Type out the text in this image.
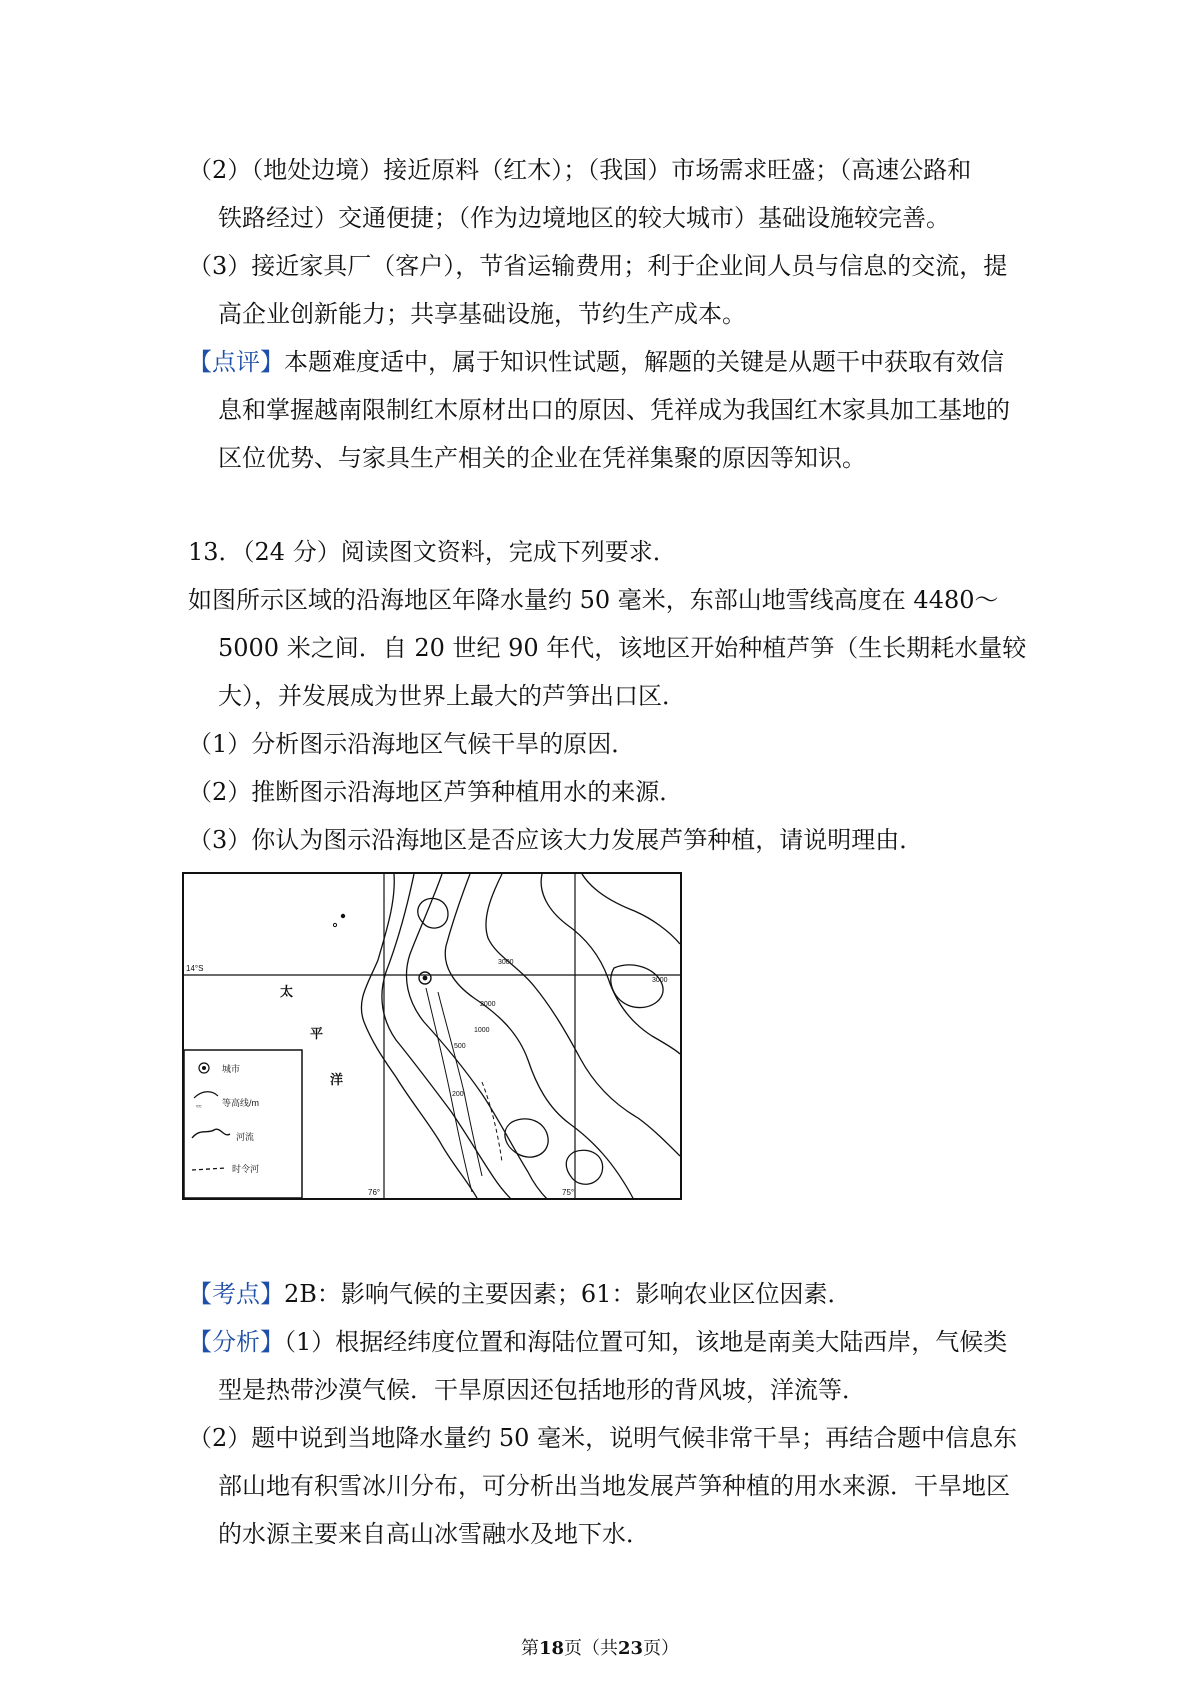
（2）（地处边境）接近原料（红木）；（我国）市场需求旺盛；（高速公路和
铁路经过）交通便捷；（作为边境地区的较大城市）基础设施较完善。
（3）接近家具厂（客户），节省运输费用；利于企业间人员与信息的交流，提
高企业创新能力；共享基础设施，节约生产成本。
【点评】本题难度适中，属于知识性试题，解题的关键是从题干中获取有效信
息和掌握越南限制红木原材出口的原因、凭祥成为我国红木家具加工基地的
区位优势、与家具生产相关的企业在凭祥集聚的原因等知识。
13．（24 分）阅读图文资料，完成下列要求．
如图所示区域的沿海地区年降水量约 50 毫米，东部山地雪线高度在 4480～
5000 米之间．自 20 世纪 90 年代，该地区开始种植芦笋（生长期耗水量较
大），并发展成为世界上最大的芦笋出口区．
（1）分析图示沿海地区气候干旱的原因．
（2）推断图示沿海地区芦笋种植用水的来源．
（3）你认为图示沿海地区是否应该大力发展芦笋种植，请说明理由．
14°S
76°	75°
3000
2000
1000
500
200
3000
太
平
洋
城市
≈≈ 等高线/m
河流
时令河
【考点】2B：影响气候的主要因素；61：影响农业区位因素．
【分析】（1）根据经纬度位置和海陆位置可知，该地是南美大陆西岸，气候类
型是热带沙漠气候．干旱原因还包括地形的背风坡，洋流等．
（2）题中说到当地降水量约 50 毫米，说明气候非常干旱；再结合题中信息东
部山地有积雪冰川分布，可分析出当地发展芦笋种植的用水来源．干旱地区
的水源主要来自高山冰雪融水及地下水．
第18页（共23页）
